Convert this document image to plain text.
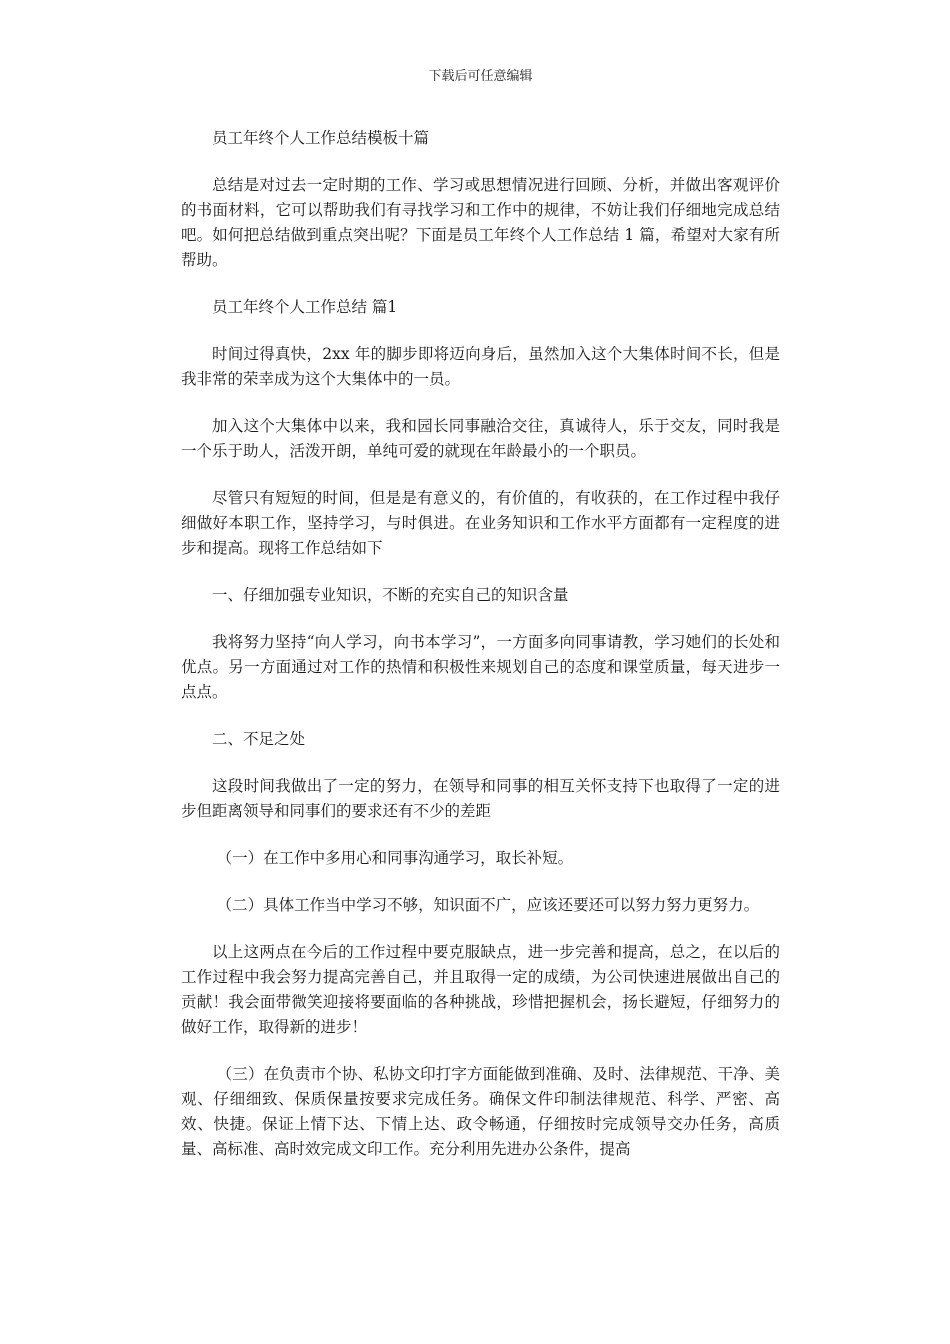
下载后可任意编辑

员工年终个人工作总结模板十篇

总结是对过去一定时期的工作、学习或思想情况进行回顾、分析，并做出客观评价的书面材料，它可以帮助我们有寻找学习和工作中的规律，不妨让我们仔细地完成总结吧。如何把总结做到重点突出呢？下面是员工年终个人工作总结 1 篇，希望对大家有所帮助。

员工年终个人工作总结 篇1

时间过得真快，2xx 年的脚步即将迈向身后，虽然加入这个大集体时间不长，但是我非常的荣幸成为这个大集体中的一员。

加入这个大集体中以来，我和园长同事融洽交往，真诚待人，乐于交友，同时我是一个乐于助人，活泼开朗，单纯可爱的就现在年龄最小的一个职员。

尽管只有短短的时间，但是是有意义的，有价值的，有收获的，在工作过程中我仔细做好本职工作，坚持学习，与时俱进。在业务知识和工作水平方面都有一定程度的进步和提高。现将工作总结如下

一、仔细加强专业知识，不断的充实自己的知识含量

我将努力坚持“向人学习，向书本学习”，一方面多向同事请教，学习她们的长处和优点。另一方面通过对工作的热情和积极性来规划自己的态度和课堂质量，每天进步一点点。

二、不足之处

这段时间我做出了一定的努力，在领导和同事的相互关怀支持下也取得了一定的进步但距离领导和同事们的要求还有不少的差距

（一）在工作中多用心和同事沟通学习，取长补短。

（二）具体工作当中学习不够，知识面不广，应该还要还可以努力努力更努力。

以上这两点在今后的工作过程中要克服缺点，进一步完善和提高，总之，在以后的工作过程中我会努力提高完善自己，并且取得一定的成绩，为公司快速进展做出自己的贡献！我会面带微笑迎接将要面临的各种挑战，珍惜把握机会，扬长避短，仔细努力的做好工作，取得新的进步！

（三）在负责市个协、私协文印打字方面能做到准确、及时、法律规范、干净、美观、仔细细致、保质保量按要求完成任务。确保文件印制法律规范、科学、严密、高效、快捷。保证上情下达、下情上达、政令畅通，仔细按时完成领导交办任务，高质量、高标准、高时效完成文印工作。充分利用先进办公条件，提高
